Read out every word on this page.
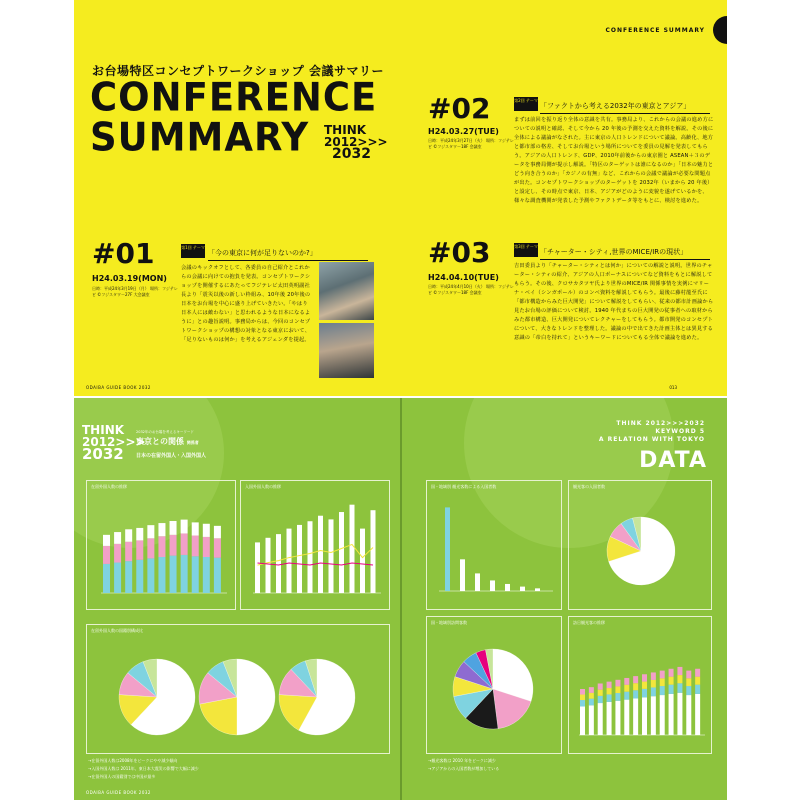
CONFERENCE SUMMARY
お台場特区コンセプトワークショップ 会議サマリー
CONFERENCE
SUMMARY	THINK
2012>>>
2032
#01
H24.03.19(MON)
日時：平成24年3月19日（月） 場所：フジテレビ ©フジスタワー27F 大会議室
第1回 テーマ
「今の東京に何が足りないのか?」
会議のキックオフとして、各委員の自己紹介とこれからの会議に向けての抱負を発表。コンセプトワークショップを開催するにあたってフジテレビ太田英明副社長より「震災以後の新しい枠組み、10年後 20年後の日本をお台場を中心に盛り上げていきたい。「やはり日本人には敵わない」と思われるような日本になるように」との趣旨説明。事務局からは、今回のコンセプトワークショップの構想の対象となる東京において、「足りないものは何か」を考えるアジェンダを提起。
#02
H24.03.27(TUE)
日時：平成24年3月27日（火） 場所：フジテレビ ©フジスタワー18F 会議室
第2回 テーマ
「ファクトから考える2032年の東京とアジア」
まずは前回を振り返り全体の意識を共有。事務局より、これからの会議の進め方についての説明と確認、そして今から 20 年後の予測を交えた資料を解説。その後に全体による議論がなされた。主に東京の人口トレンドについて議論。高齢化、地方と都市部の格差、そしてお台場という場所についてを委員の見解を発表してもらう。アジアの人口トレンド、GDP、2010年前後からの東京圏と ASEAN＋３のデータを事務局側が提示し解説。「特区のターゲットは誰になるのか」「日本の魅力とどう向き合うのか」「カジノの有無」など、これからの会議で議論が必要な問題点が出た。コンセプトワークショップのターゲットを 2032年（いまから 20 年後）と設定し、その時点で東京、日本、アジアがどのように変貌を遂げているかを、様々な調査機関が発表した予測やファクトデータ等をもとに、検討を進めた。
#03
H24.04.10(TUE)
日時：平成24年4月10日（火） 場所：フジテレビ ©フジスタワー18F 会議室
第3回 テーマ
「チャーター・シティ,世界のMICE/IRの現状」
吉田委員より「チャーター・シティとは何か」についての解説と説明。世界のチャーター・シティの紹介、アジアの人口ボーナスについてなど資料をもとに解説してもらう。その後、クロサカタツヤ氏より世界のMICE/IR 関係事情を実例にマリーナ・ベイ（シンガポール）のコンベ資料を解説してもらう。最後に藤村龍至氏に「都市構造からみた巨大開発」について解説をしてもらい、従来の都市計画論から見たお台場の評価について検討。1940 年代まちの巨大開発の従事者への取材からみた都市構造、巨大開発についてレクチャーをしてもらう。都市開発のコンセプトについて、大きなトレンドを整理した。議論の中で出てきた計画主体とは異見する意識の「帝白を持れて」というキーワードについてもる全体で議論を進めた。
ODAIBA GUIDE BOOK 2032	013
THINK
2012>>>
2032
2032年のお台場を考えるキーワード
東京との関係 関係者
日本の在留外国人・入国外国人
THINK 2012>>>2032
KEYWORD 5
A RELATION WITH TOKYO
DATA
在留外国人数の推移	入国外国人数の推移
在留外国人数の国籍別構成比
→在留外国人数は2008年をピークにやや減少傾向
→入国外国人数は 2011年、東日本大震災の影響で大幅に減少
→在留外国人の国籍別では中国が最多
ODAIBA GUIDE BOOK 2032
国・地域別 観光客数による入国者数	観光客の入国者数
国・地域別訪問客数	訪日観光客の推移
→観光客数は 2010 年をピークに減少
→アジアからの入国者数が増加している
